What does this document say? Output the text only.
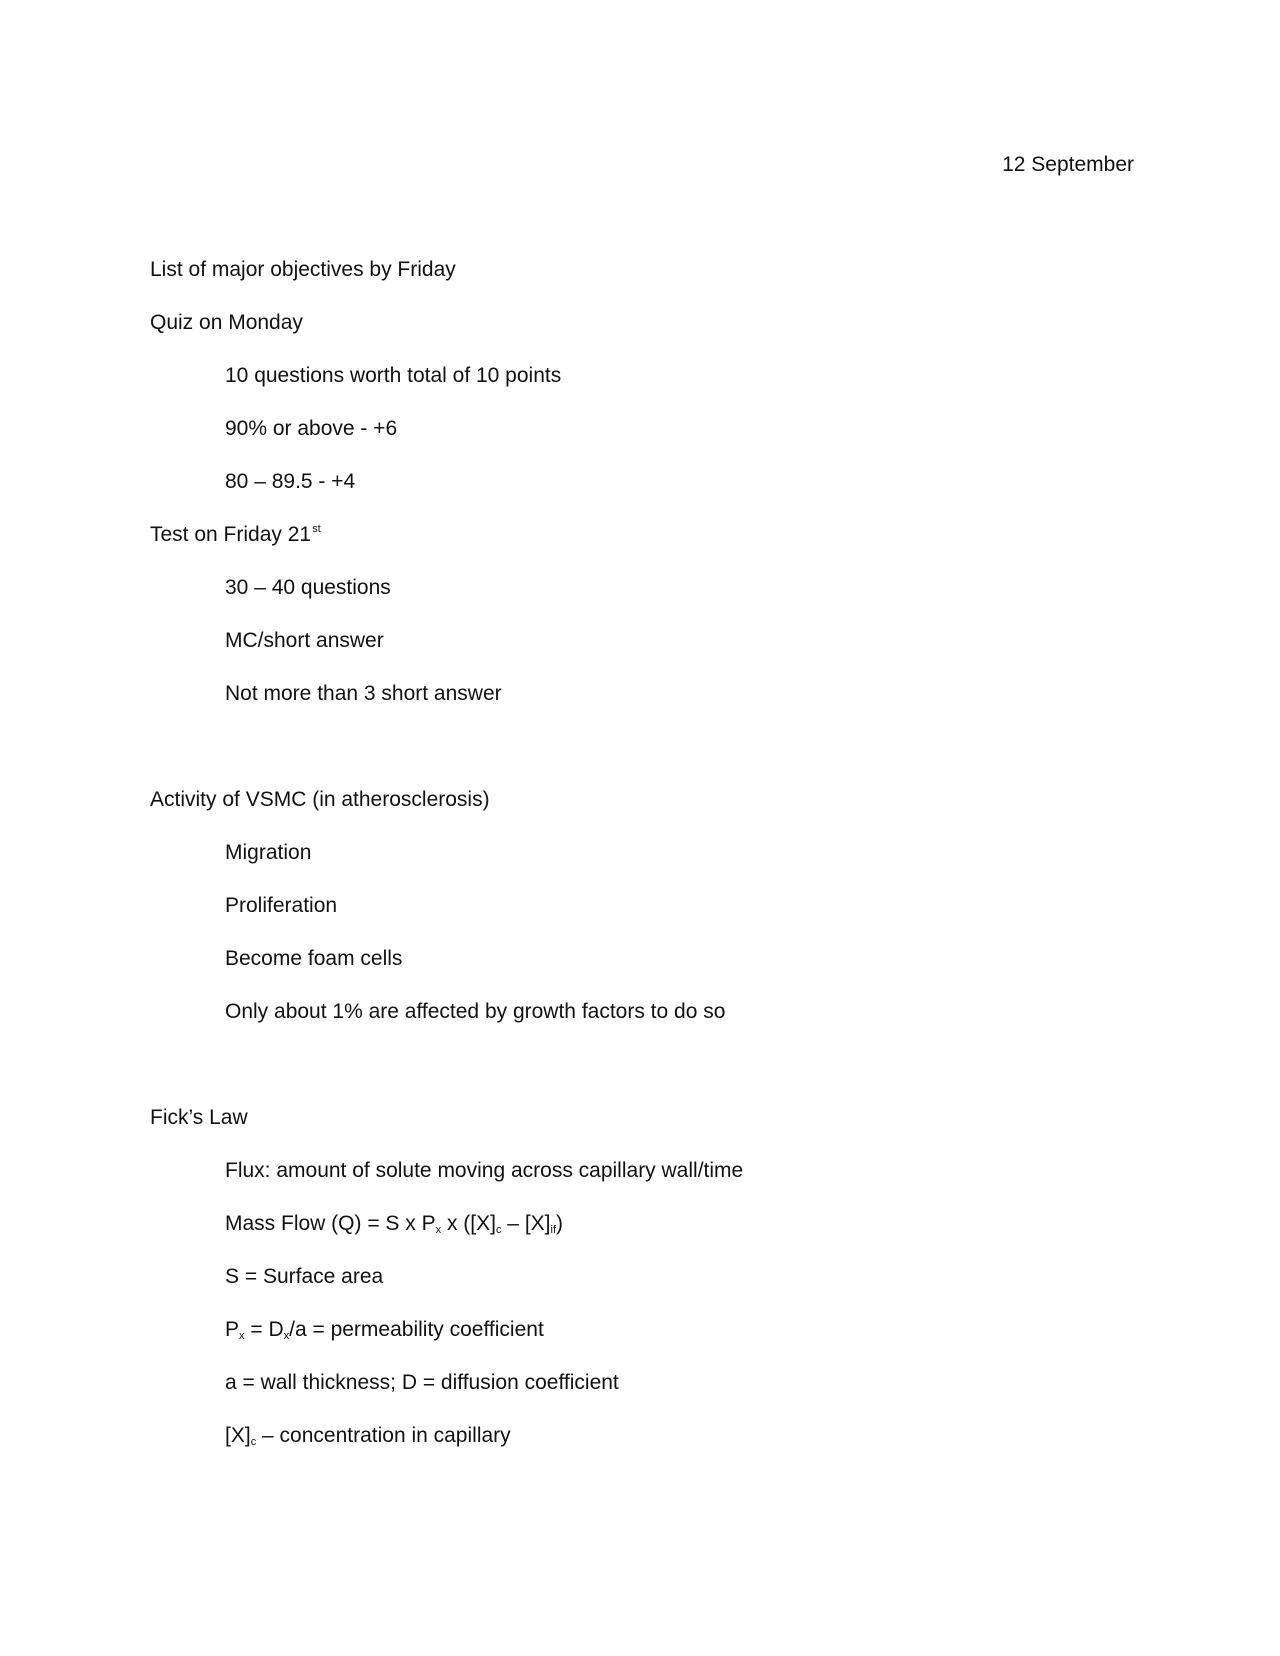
12 September
List of major objectives by Friday
Quiz on Monday
10 questions worth total of 10 points
90% or above - +6
80 – 89.5 - +4
Test on Friday 21st
30 – 40 questions
MC/short answer
Not more than 3 short answer
Activity of VSMC (in atherosclerosis)
Migration
Proliferation
Become foam cells
Only about 1% are affected by growth factors to do so
Fick’s Law
Flux: amount of solute moving across capillary wall/time
Mass Flow (Q) = S x $P_x$ x $([X]_c - [X]_{if})$
S = Surface area
$P_x = D_x/a$ = permeability coefficient
a = wall thickness; D = diffusion coefficient
$[X]_c$ – concentration in capillary
